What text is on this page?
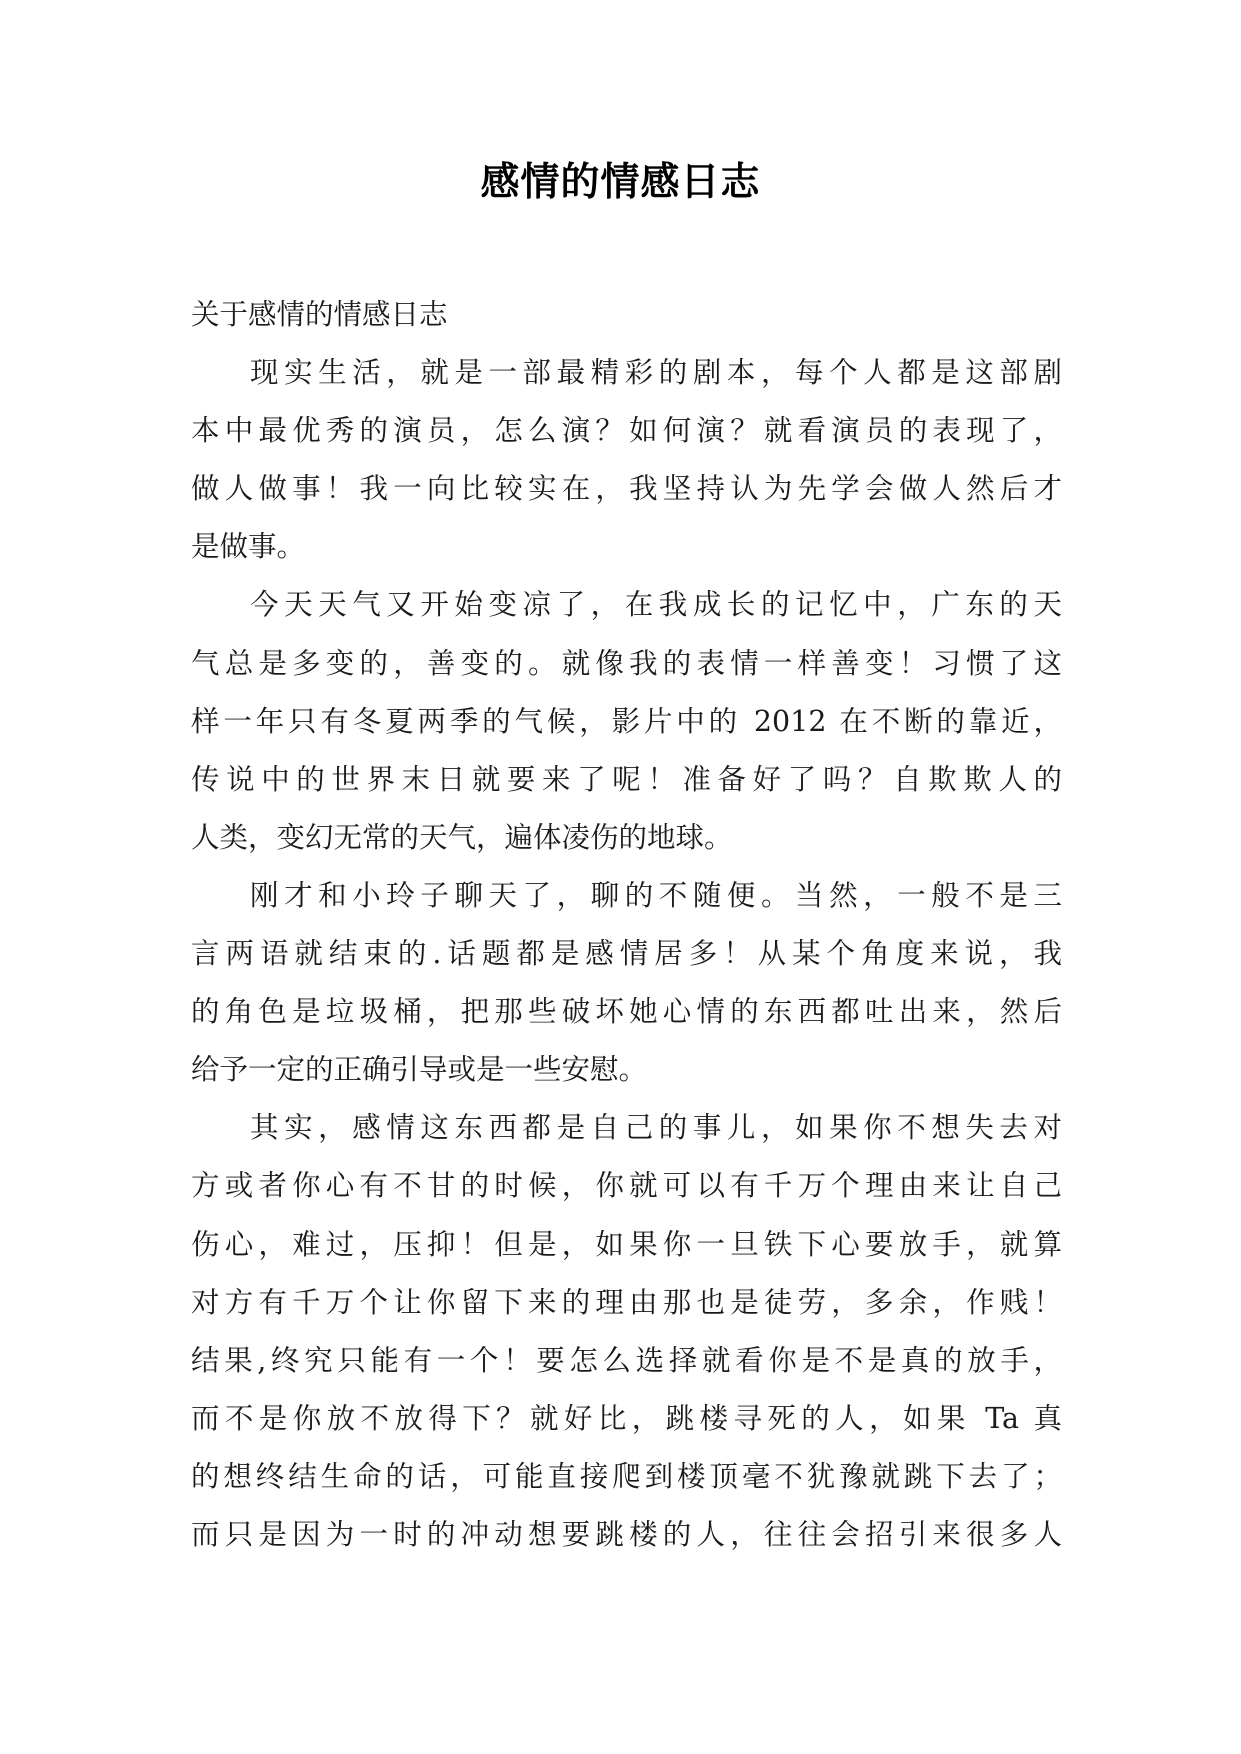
感情的情感日志
关于感情的情感日志
现实生活，就是一部最精彩的剧本，每个人都是这部剧
本中最优秀的演员，怎么演？如何演？就看演员的表现了，
做人做事！我一向比较实在，我坚持认为先学会做人然后才
是做事。
今天天气又开始变凉了，在我成长的记忆中，广东的天
气总是多变的，善变的。就像我的表情一样善变！习惯了这
样一年只有冬夏两季的气候，影片中的 2012 在不断的靠近，
传说中的世界末日就要来了呢！准备好了吗？自欺欺人的
人类，变幻无常的天气，遍体凌伤的地球。
刚才和小玲子聊天了，聊的不随便。当然，一般不是三
言两语就结束的.话题都是感情居多！从某个角度来说，我
的角色是垃圾桶，把那些破坏她心情的东西都吐出来，然后
给予一定的正确引导或是一些安慰。
其实，感情这东西都是自己的事儿，如果你不想失去对
方或者你心有不甘的时候，你就可以有千万个理由来让自己
伤心，难过，压抑！但是，如果你一旦铁下心要放手，就算
对方有千万个让你留下来的理由那也是徒劳，多余，作贱！
结果,终究只能有一个！要怎么选择就看你是不是真的放手，
而不是你放不放得下？就好比，跳楼寻死的人，如果 Ta 真
的想终结生命的话，可能直接爬到楼顶毫不犹豫就跳下去了；
而只是因为一时的冲动想要跳楼的人，往往会招引来很多人
